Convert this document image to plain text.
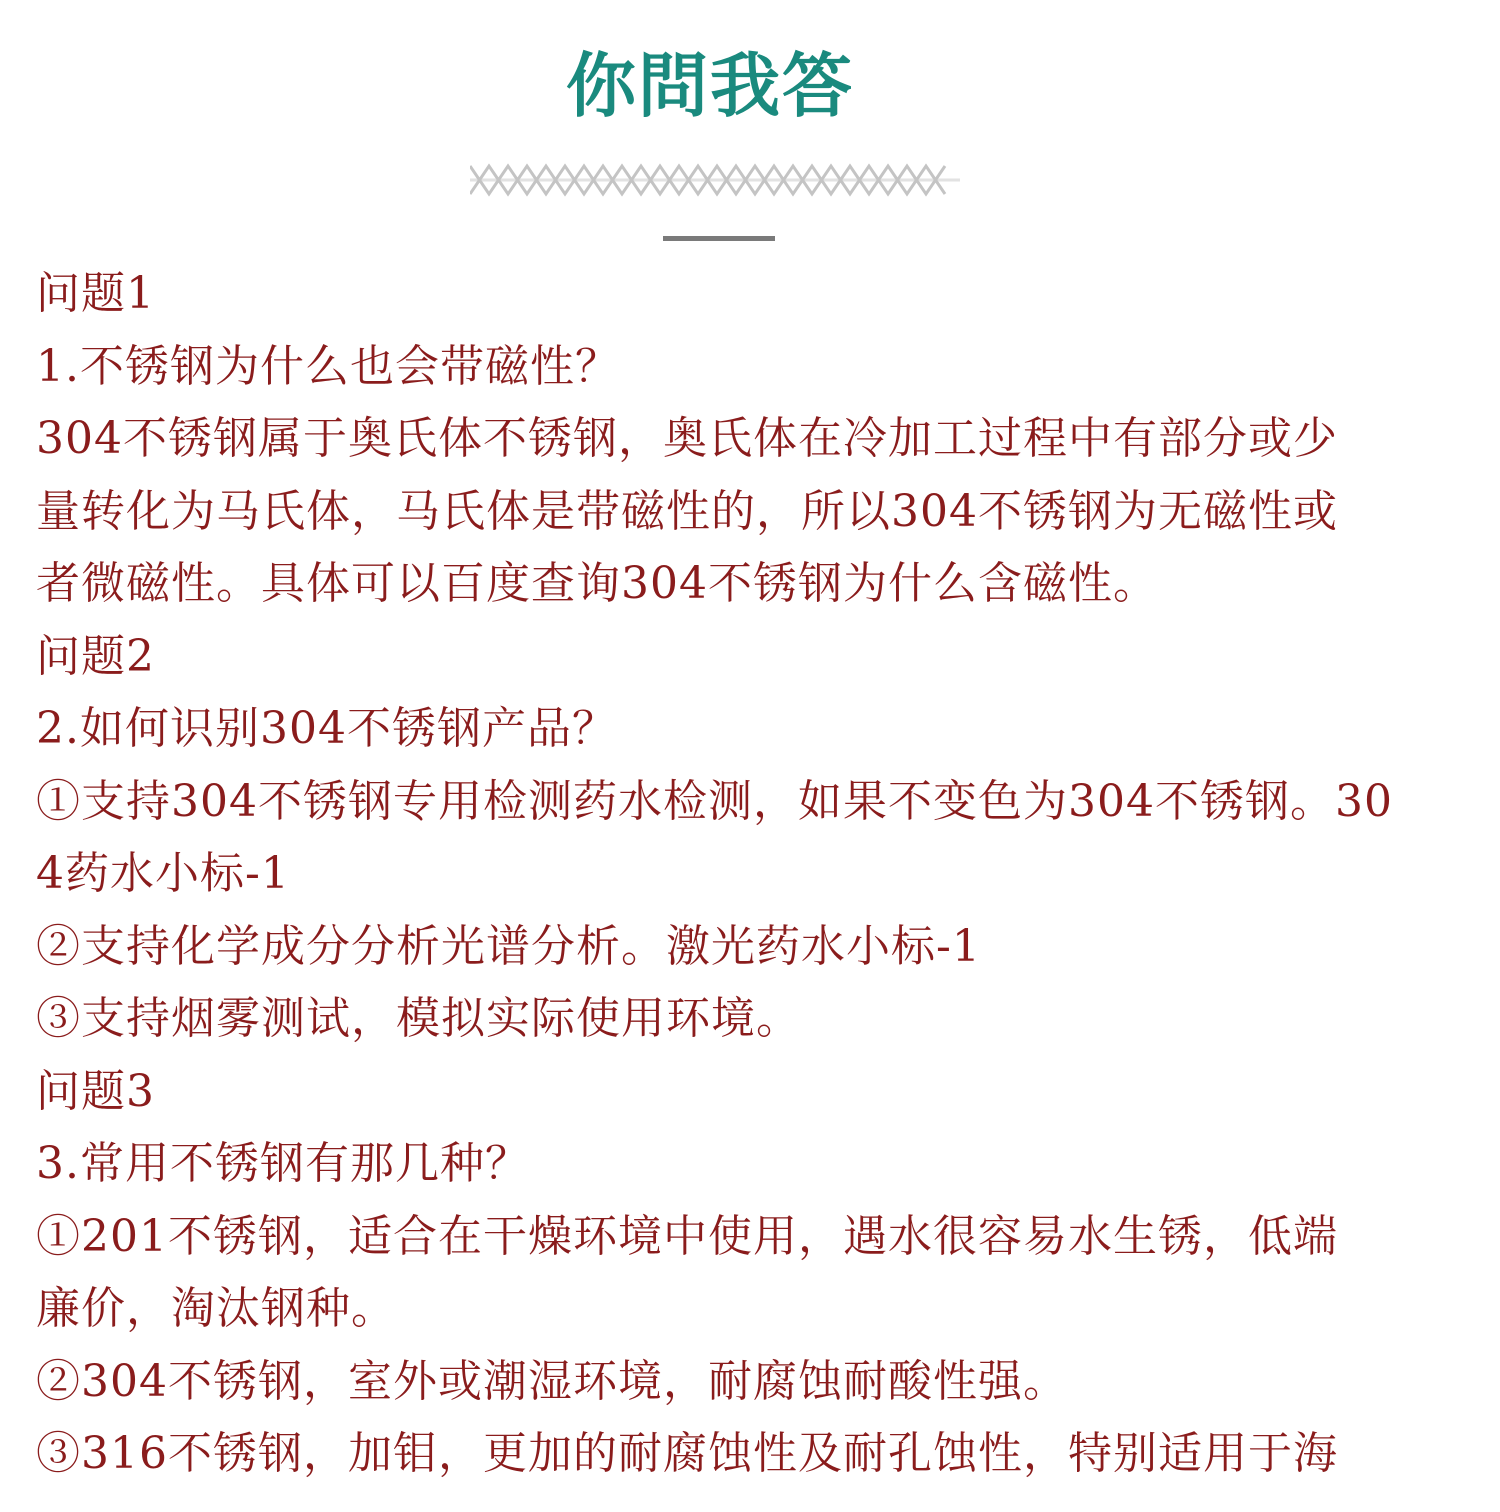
你問我答

问题1

1.不锈钢为什么也会带磁性？

304不锈钢属于奥氏体不锈钢，奥氏体在冷加工过程中有部分或少

量转化为马氏体，马氏体是带磁性的，所以304不锈钢为无磁性或

者微磁性。具体可以百度查询304不锈钢为什么含磁性。

问题2

2.如何识别304不锈钢产品？

①支持304不锈钢专用检测药水检测，如果不变色为304不锈钢。30

4药水小标-1

②支持化学成分分析光谱分析。激光药水小标-1

③支持烟雾测试，模拟实际使用环境。

问题3

3.常用不锈钢有那几种？

①201不锈钢，适合在干燥环境中使用，遇水很容易水生锈，低端

廉价，淘汰钢种。

②304不锈钢，室外或潮湿环境，耐腐蚀耐酸性强。

③316不锈钢，加钼，更加的耐腐蚀性及耐孔蚀性，特别适用于海
